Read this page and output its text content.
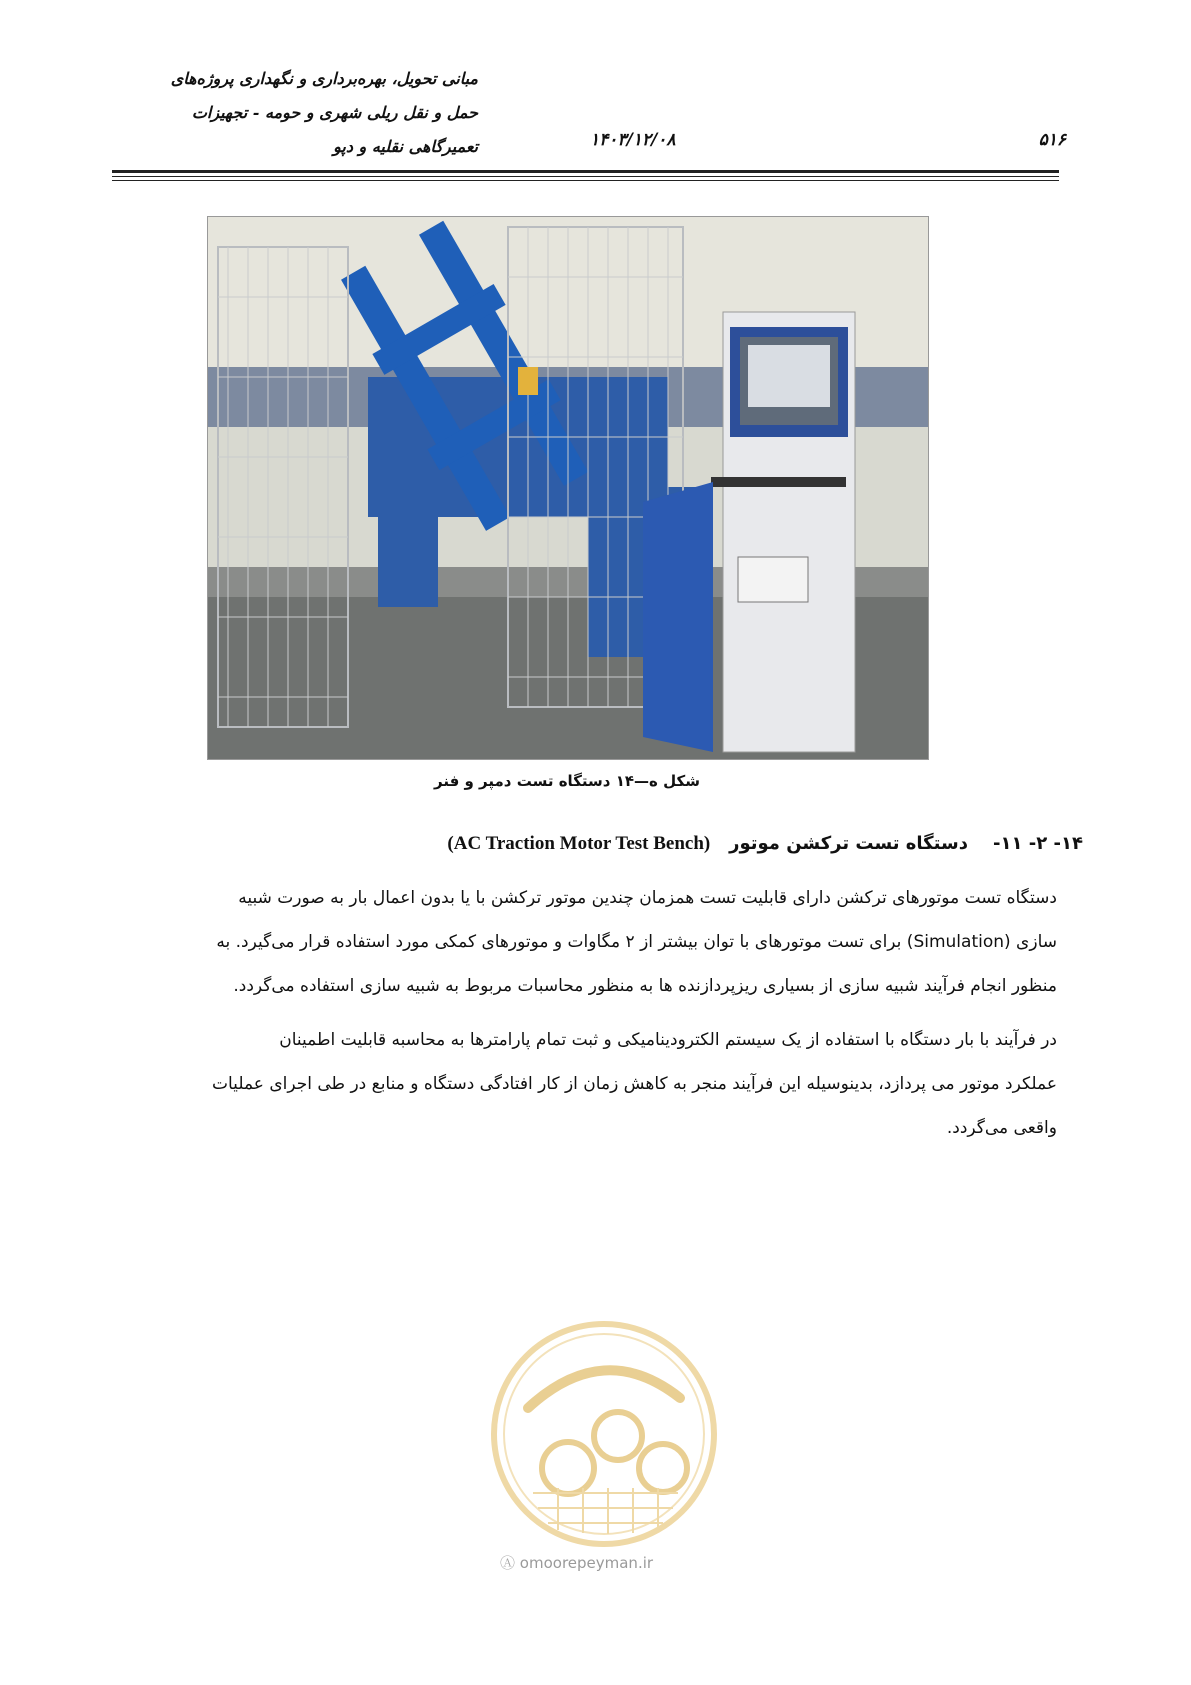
مبانی تحویل، بهره‌برداری و نگهداری پروژه‌های
حمل و نقل ریلی شهری و حومه - تجهیزات
تعمیرگاهی نقلیه و دپو	۱۴۰۳/۱۲/۰۸	۵۱۶
شکل ه—۱۴ دستگاه تست دمپر و فنر
۱۴- ۲- ۱۱-    دستگاه تست ترکشن موتور   (AC Traction Motor Test Bench)
دستگاه تست موتورهای ترکشن دارای قابلیت تست همزمان چندین موتور ترکشن با یا بدون اعمال بار به صورت شبیه
سازی (Simulation) برای تست موتورهای با توان بیشتر از ۲ مگاوات و موتورهای کمکی مورد استفاده قرار می‌گیرد. به
منظور انجام فرآیند شبیه سازی از بسیاری ریزپردازنده ها به منظور محاسبات مربوط به شبیه سازی استفاده می‌گردد.
در فرآیند با بار دستگاه با استفاده از یک سیستم الکترودینامیکی و ثبت تمام پارامترها به محاسبه قابلیت اطمینان
عملکرد موتور می پردازد، بدینوسیله این فرآیند منجر به کاهش زمان از کار افتادگی دستگاه و منابع در طی اجرای عملیات
واقعی می‌گردد.
Ⓐ omoorepeyman.ir
